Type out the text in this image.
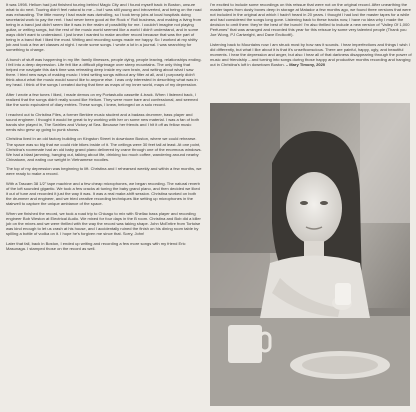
It was 1998. Helium had just finished touring behind Magic City and I found myself back in Boston, unsure what to do next. Touring didn't feel natural to me – but I was still young and introverted, and being on the road was exhausting. The little money I had made was dwindling, so I took temp jobs at local hospitals doing secretarial work to pay the rent. I had never been good at the Rock n' Roll business, and making a living from being in a band just didn't seem like it was in the realm of possibility for me. I couldn't imagine not playing guitar, or writing songs, but the rest of the music world seemed like a world I didn't understand, and in some ways didn't want to understand. I just knew I wanted to make another record because that was the part of being in a band that I liked the most. Writing and recording songs made me happy. So I worked at my shitty job and took a few art classes at night. I wrote some songs. I wrote a lot in a journal. I was searching for something to change.

A bunch of stuff was happening in my life: family illnesses, people dying, people leaving, relationships ending. I fell into a deep depression. Life felt like a difficult pilgrimage over steep mountains. The only thing that helped me navigate this dark time was retreating deep inside my own brain, and writing about what I saw there. I tried new ways of making music: I tried writing songs without any filter at all, and I purposely didn't think about what the music would sound like to anyone else. I was only interested in describing what was in my head. I think of the songs I created during that time as maps of my inner world, maps of my depression.

After I wrote a few tunes I liked, I made demos on my Portastudio cassette 4-track. When I listened back, I realized that the songs didn't really sound like Helium. They were more bare and confessional, and seemed like the sonic equivalent of diary entries. These songs, I knew, belonged on a solo record.

I reached out to Christina Files, a former Berklee music student and a badass drummer, bass player and sound engineer. I thought it would be great to try working with her on some new material. I was a fan of both bands she played in, The Swirlies and Victory at Sea. Because her friends and I hit it off as fellow music nerds who grew up going to punk shows.

Christina lived in an old factory building on Kingston Street in downtown Boston, where we could rehearse. The space was so big that we could ride bikes inside of it. The ceilings were 30 feet tall at least. At one point, Christina's roommate had an old baby grand piano delivered by crane through one of the enormous windows. We had a blast jamming, hanging out, talking about life, drinking too much coffee, wandering around nearby Chinatown, and eating our weight in Vietnamese noodles.

The top of my depression was beginning to lift. Christina and I rehearsed weekly and within a few months, we were ready to make a record.

With a Tascam 38 1/2" tape machine and a few cheap microphones, we began recording. The natural reverb of the loft sounded gigantic. We took a few cracks at tuning the baby grand piano, and then decided we liked it out of tune and recorded it just the way it was. It was a real make-shift session. Christina worked on both the drummer and engineer, and we tried creative recording techniques like setting up microphones in the stairwell to capture the unique ambiance of the space.

When we finished the record, we took a road trip to Chicago to mix with Shellac bass player and recording engineer Bob Weston at Electrical Audio. We mixed for four days in the B room. Christina and Bob did a killer job on the mixes and we were thrilled with the way the record was taking shape. John McEntire from Tortoise was kind enough to let us crash at his house, and I accidentally ruined the finish on his dining room table by spilling a bottle of vodka on it. I hope he's forgiven me since that. Sorry, John!

Later that fall, back in Boston, I ended up writing and recording a few more songs with my friend Eric Masunaga. I stamped those on the record as well.

I'm excited to include some recordings on this reissue that were not on the original record. After unearthing the master tapes from dusty boxes deep in storage at Matador a few months ago, we found three versions that were not included in the original and which I hadn't heard in 20 years. I thought I had lost the master tapes for a while and had considered the songs long gone. Listening back to these tracks now, I have no idea why I made the decision to omit them: they're the best of the bunch! I'm also thrilled to include a new version of "Valley Of 1,000 Perfumes" that was arranged and recorded this year for this reissue by some very talented people (Thank you Joe Wong, PJ Cartwright, and Dave Endicott!).

Listening back to Mountains now I am struck most by how raw it sounds. I hear imperfections and things I wish I did differently, but what I like about it is that it's unselfconscious. There are painful, happy, ugly, and beautiful moments. I hear the depression and anger, but also I hear all of that darkness disappearing through the power of music and friendship – and turning into songs during those happy and productive months recording and hanging out in Christina's loft in downtown Boston. – Mary Timony, 2020
